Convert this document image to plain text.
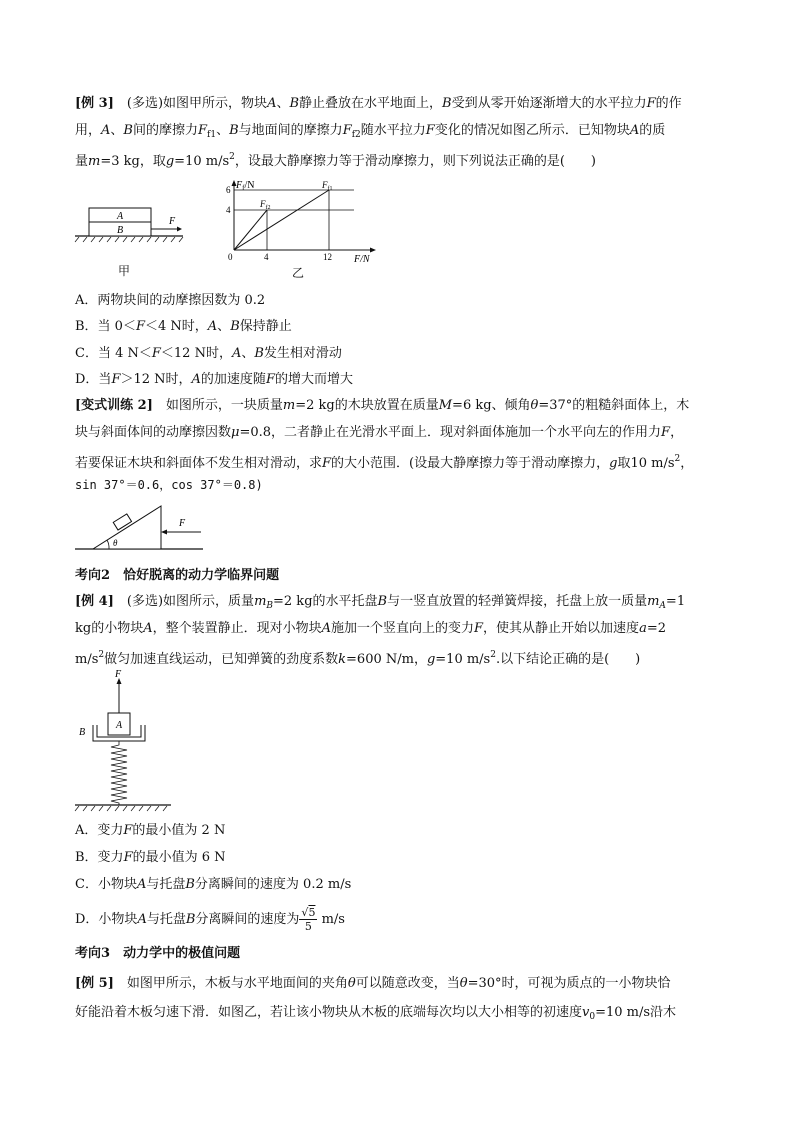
[例 3]　 (多选)如图甲所示，物块A、B静止叠放在水平地面上，B受到从零开始逐渐增大的水平拉力F的作
用，A、B间的摩擦力$F_{f1}$、B与地面间的摩擦力$F_{f2}$随水平拉力F变化的情况如图乙所示．已知物块A的质
量m=3 kg，取g=10 $m/s^2$，设最大静摩擦力等于滑动摩擦力，则下列说法正确的是(　　)
A
B
F
甲
$F_f/N$
6
4
0	4	12 F/N
$F_{f1}$
$F_{f2}$
乙
A．两物块间的动摩擦因数为 0.2
B．当 0＜F＜4 N时，A、B保持静止
C．当 4 N＜F＜12 N时，A、B发生相对滑动
D．当F＞12 N时，A的加速度随F的增大而增大
[变式训练 2]　 如图所示，一块质量m=2 kg的木块放置在质量M=6 kg、倾角θ=37°的粗糙斜面体上，木
块与斜面体间的动摩擦因数μ=0.8，二者静止在光滑水平面上．现对斜面体施加一个水平向左的作用力F，
若要保证木块和斜面体不发生相对滑动，求F的大小范围．(设最大静摩擦力等于滑动摩擦力，g取10 $m/s^2$，
sin 37°＝0.6，cos 37°＝0.8)
θ
F
考向2　 恰好脱离的动力学临界问题
[例 4]　 (多选)如图所示，质量$m_B=2$ kg的水平托盘B与一竖直放置的轻弹簧焊接，托盘上放一质量$m_A=1$
kg的小物块A，整个装置静止．现对小物块A施加一个竖直向上的变力F，使其从静止开始以加速度a=2
$m/s^2$做匀加速直线运动，已知弹簧的劲度系数k=600 N/m，g=10 $m/s^2$.以下结论正确的是(　　)
F
A
B
A．变力F的最小值为 2 N
B．变力F的最小值为 6 N
C．小物块A与托盘B分离瞬间的速度为 0.2 m/s
D．小物块A与托盘B分离瞬间的速度为 $\frac{√5}{5} m/s$
考向3　 动力学中的极值问题
[例 5]　 如图甲所示，木板与水平地面间的夹角θ可以随意改变，当θ=30°时，可视为质点的一小物块恰
好能沿着木板匀速下滑．如图乙，若让该小物块从木板的底端每次均以大小相等的初速度$v_0=10$ m/s沿木
